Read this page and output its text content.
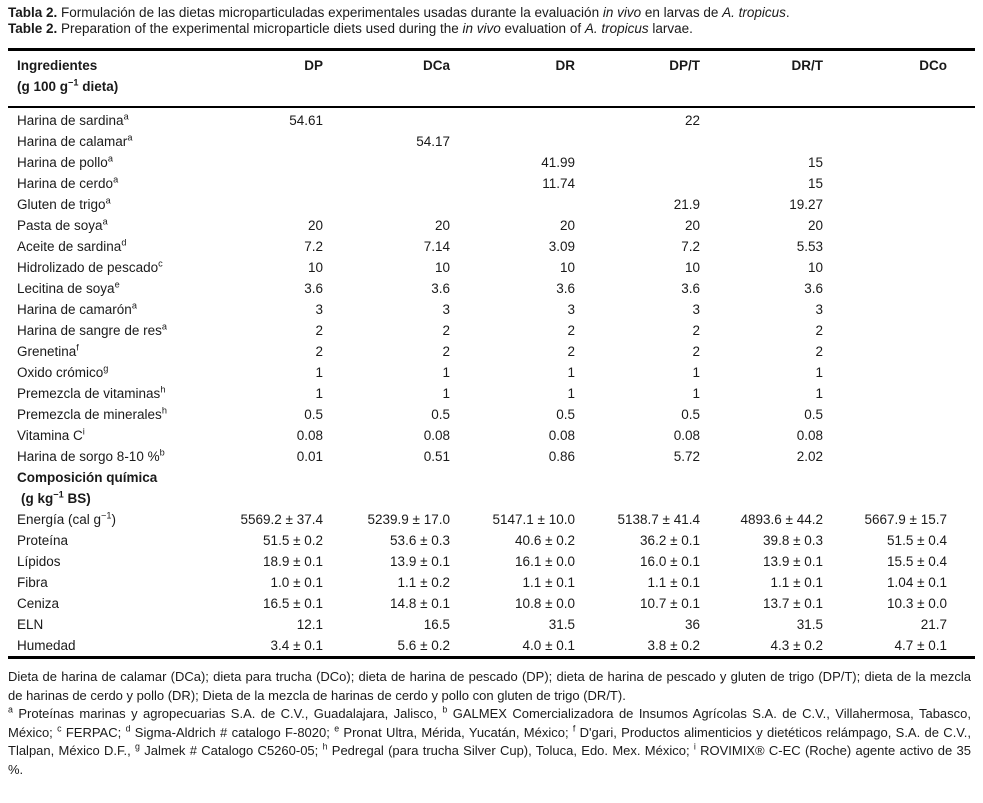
Tabla 2. Formulación de las dietas microparticuladas experimentales usadas durante la evaluación in vivo en larvas de A. tropicus.

Table 2. Preparation of the experimental microparticle diets used during the in vivo evaluation of A. tropicus larvae.

Ingredientes
(g 100 $g^{-1}$ dieta)	DP	DCa	DR	DP/T	DR/T	DCo

Harina de sardina$^a$	54.61			22		

Harina de calamar$^a$		54.17				

Harina de pollo$^a$			41.99		15	

Harina de cerdo$^a$			11.74		15	

Gluten de trigo$^a$				21.9	19.27	

Pasta de soya$^a$	20	20	20	20	20	

Aceite de sardina$^d$	7.2	7.14	3.09	7.2	5.53	

Hidrolizado de pescado$^c$	10	10	10	10	10	

Lecitina de soya$^e$	3.6	3.6	3.6	3.6	3.6	

Harina de camarón$^a$	3	3	3	3	3	

Harina de sangre de res$^a$	2	2	2	2	2	

Grenetina$^f$	2	2	2	2	2	

Oxido crómico$^g$	1	1	1	1	1	

Premezcla de vitaminas$^h$	1	1	1	1	1	

Premezcla de minerales$^h$	0.5	0.5	0.5	0.5	0.5	

Vitamina $C^i$	0.08	0.08	0.08	0.08	0.08	

Harina de sorgo 8-10 %$^b$	0.01	0.51	0.86	5.72	2.02	

Composición química
(g $kg^{-1}$ BS)						

Energía (cal $g^{-1}$)	5569.2 ± 37.4	5239.9 ± 17.0	5147.1 ± 10.0	5138.7 ± 41.4	4893.6 ± 44.2	5667.9 ± 15.7

Proteína	51.5 ± 0.2	53.6 ± 0.3	40.6 ± 0.2	36.2 ± 0.1	39.8 ± 0.3	51.5 ± 0.4

Lípidos	18.9 ± 0.1	13.9 ± 0.1	16.1 ± 0.0	16.0 ± 0.1	13.9 ± 0.1	15.5 ± 0.4

Fibra	1.0 ± 0.1	1.1 ± 0.2	1.1 ± 0.1	1.1 ± 0.1	1.1 ± 0.1	1.04 ± 0.1

Ceniza	16.5 ± 0.1	14.8 ± 0.1	10.8 ± 0.0	10.7 ± 0.1	13.7 ± 0.1	10.3 ± 0.0

ELN	12.1	16.5	31.5	36	31.5	21.7

Humedad	3.4 ± 0.1	5.6 ± 0.2	4.0 ± 0.1	3.8 ± 0.2	4.3 ± 0.2	4.7 ± 0.1

Dieta de harina de calamar (DCa); dieta para trucha (DCo); dieta de harina de pescado (DP); dieta de harina de pescado y gluten de trigo (DP/T); dieta de la mezcla de harinas de cerdo y pollo (DR); Dieta de la mezcla de harinas de cerdo y pollo con gluten de trigo (DR/T).

$^a$ Proteínas marinas y agropecuarias S.A. de C.V., Guadalajara, Jalisco, $^b$ GALMEX Comercializadora de Insumos Agrícolas S.A. de C.V., Villahermosa, Tabasco, México; $^c$ FERPAC; $^d$ Sigma-Aldrich # catalogo F-8020; $^e$ Pronat Ultra, Mérida, Yucatán, México; $^f$ D'gari, Productos alimenticios y dietéticos relámpago, S.A. de C.V., Tlalpan, México D.F., $^g$ Jalmek # Catalogo C5260-05; $^h$ Pedregal (para trucha Silver Cup), Toluca, Edo. Mex. México; $^i$ ROVIMIX® C-EC (Roche) agente activo de 35 %.
